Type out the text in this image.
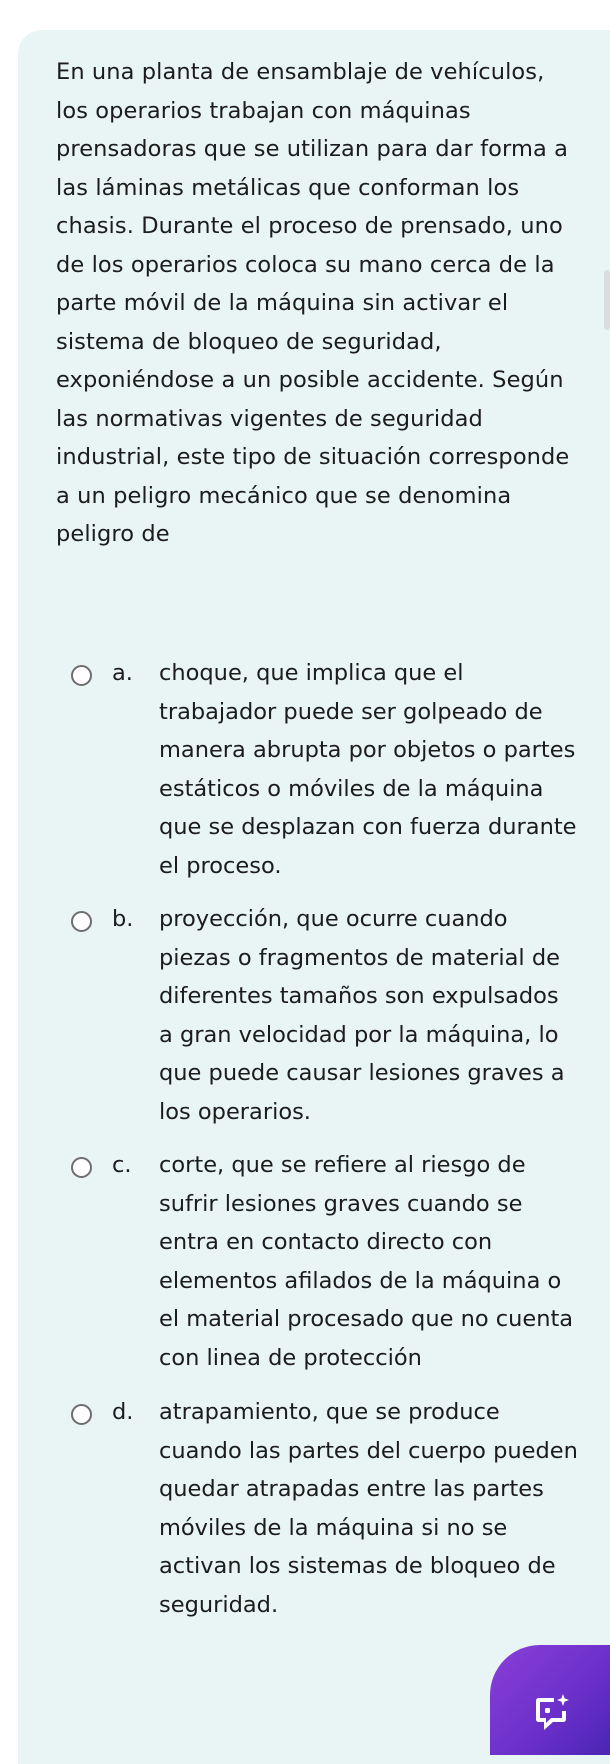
En una planta de ensamblaje de vehículos, los operarios trabajan con máquinas prensadoras que se utilizan para dar forma a las láminas metálicas que conforman los chasis. Durante el proceso de prensado, uno de los operarios coloca su mano cerca de la parte móvil de la máquina sin activar el sistema de bloqueo de seguridad, exponiéndose a un posible accidente. Según las normativas vigentes de seguridad industrial, este tipo de situación corresponde a un peligro mecánico que se denomina peligro de

a. choque, que implica que el trabajador puede ser golpeado de manera abrupta por objetos o partes estáticos o móviles de la máquina que se desplazan con fuerza durante el proceso.
b. proyección, que ocurre cuando piezas o fragmentos de material de diferentes tamaños son expulsados a gran velocidad por la máquina, lo que puede causar lesiones graves a los operarios.
c. corte, que se refiere al riesgo de sufrir lesiones graves cuando se entra en contacto directo con elementos afilados de la máquina o el material procesado que no cuenta con linea de protección
d. atrapamiento, que se produce cuando las partes del cuerpo pueden quedar atrapadas entre las partes móviles de la máquina si no se activan los sistemas de bloqueo de seguridad.
